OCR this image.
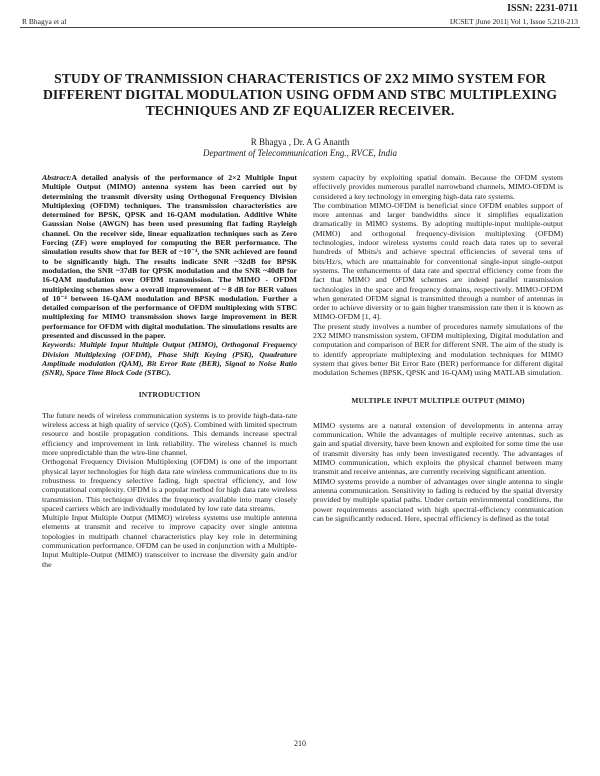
ISSN: 2231-0711
R Bhagya et al	IJCSET |June 2011| Vol 1, Issue 5,210-213
STUDY OF TRANMISSION CHARACTERISTICS OF 2X2 MIMO SYSTEM FOR DIFFERENT DIGITAL MODULATION USING OFDM AND STBC MULTIPLEXING TECHNIQUES AND ZF EQUALIZER RECEIVER.
R Bhagya , Dr. A G Ananth
Department of Telecommunication Eng., RVCE, India

Abstract:A detailed analysis of the performance of 2×2 Multiple Input Multiple Output (MIMO) antenna system has been carried out by determining the transmit diversity using Orthogonal Frequency Division Multiplexing (OFDM) techniques. The transmission characteristics are determined for BPSK, QPSK and 16-QAM modulation. Additive White Gaussian Noise (AWGN) has been used presuming flat fading Rayleigh channel. On the receiver side, linear equalization techniques such as Zero Forcing (ZF) were employed for computing the BER performance. The simulation results show that for BER of ~10⁻⁴, the SNR achieved are found to be significantly high. The results indicate SNR ~32dB for BPSK modulation, the SNR ~37dB for QPSK modulation and the SNR ~40dB for 16-QAM modulation over OFDM transmission. The MIMO - OFDM multiplexing schemes show a overall improvement of ~ 8 dB for BER values of 10⁻⁴ between 16-QAM modulation and BPSK modulation. Further a detailed comparison of the performance of OFDM multiplexing with STBC multiplexing for MIMO transmission shows large improvement in BER performance for OFDM with digital modulation. The simulations results are presented and discussed in the paper.

Keywords: Multiple Input Multiple Output (MIMO), Orthogonal Frequency Division Multiplexing (OFDM), Phase Shift Keying (PSK), Quadrature Amplitude modulation (QAM), Bit Error Rate (BER), Signal to Noise Ratio (SNR), Space Time Block Code (STBC).

INTRODUCTION

The future needs of wireless communication systems is to provide high-data-rate wireless access at high quality of service (QoS). Combined with limited spectrum resource and hostile propagation conditions. This demands increase spectral efficiency and improvement in link reliability. The wireless channel is much more unpredictable than the wire-line channel.

Orthogonal Frequency Division Multiplexing (OFDM) is one of the important physical layer technologies for high data rate wireless communications due to its robustness to frequency selective fading, high spectral efficiency, and low computational complexity. OFDM is a popular method for high data rate wireless transmission. This technique divides the frequency available into many closely spaced carriers which are individually modulated by low rate data streams.

Multiple Input Multiple Output (MIMO) wireless systems use multiple antenna elements at transmit and receive to improve capacity over single antenna topologies in multipath channel characteristics play key role in determining communication performance. OFDM can be used in conjunction with a Multiple-Input Multiple-Output (MIMO) transceiver to increase the diversity gain and/or the

system capacity by exploiting spatial domain. Because the OFDM system effectively provides numerous parallel narrowband channels, MIMO-OFDM is considered a key technology in emerging high-data rate systems.

The combination MIMO-OFDM is beneficial since OFDM enables support of more antennas and larger bandwidths since it simplifies equalization dramatically in MIMO systems. By adopting multiple-input multiple-output (MIMO) and orthogonal frequency-division multiplexing (OFDM) technologies, indoor wireless systems could reach data rates up to several hundreds of Mbits/s and achieve spectral efficiencies of several tens of bits/Hz/s, which are unattainable for conventional single-input single-output systems. The enhancements of data rate and spectral efficiency come from the fact that MIMO and OFDM schemes are indeed parallel transmission technologies in the space and frequency domains, respectively. MIMO-OFDM when generated OFDM signal is transmitted through a number of antennas in order to achieve diversity or to gain higher transmission rate then it is known as MIMO-OFDM [1, 4].

The present study involves a number of procedures namely simulations of the 2X2 MIMO transmission system, OFDM multiplexing, Digital modulation and computation and comparison of BER for different SNR. The aim of the study is to identify appropriate multiplexing and modulation techniques for MIMO system that gives better Bit Error Rate (BER) performance for different digital modulation Schemes (BPSK, QPSK and 16-QAM) using MATLAB simulation.

MULTIPLE INPUT MULTIPLE OUTPUT (MIMO)

MIMO systems are a natural extension of developments in antenna array communication. While the advantages of multiple receive antennas, such as gain and spatial diversity, have been known and exploited for some time the use of transmit diversity has only been investigated recently. The advantages of MIMO communication, which exploits the physical channel between many transmit and receive antennas, are currently receiving significant attention.

MIMO systems provide a number of advantages over single antenna to single antenna communication. Sensitivity to fading is reduced by the spatial diversity provided by multiple spatial paths. Under certain environmental conditions, the power requirements associated with high spectral-efficiency communication can be significantly reduced. Here, spectral efficiency is defined as the total

210
